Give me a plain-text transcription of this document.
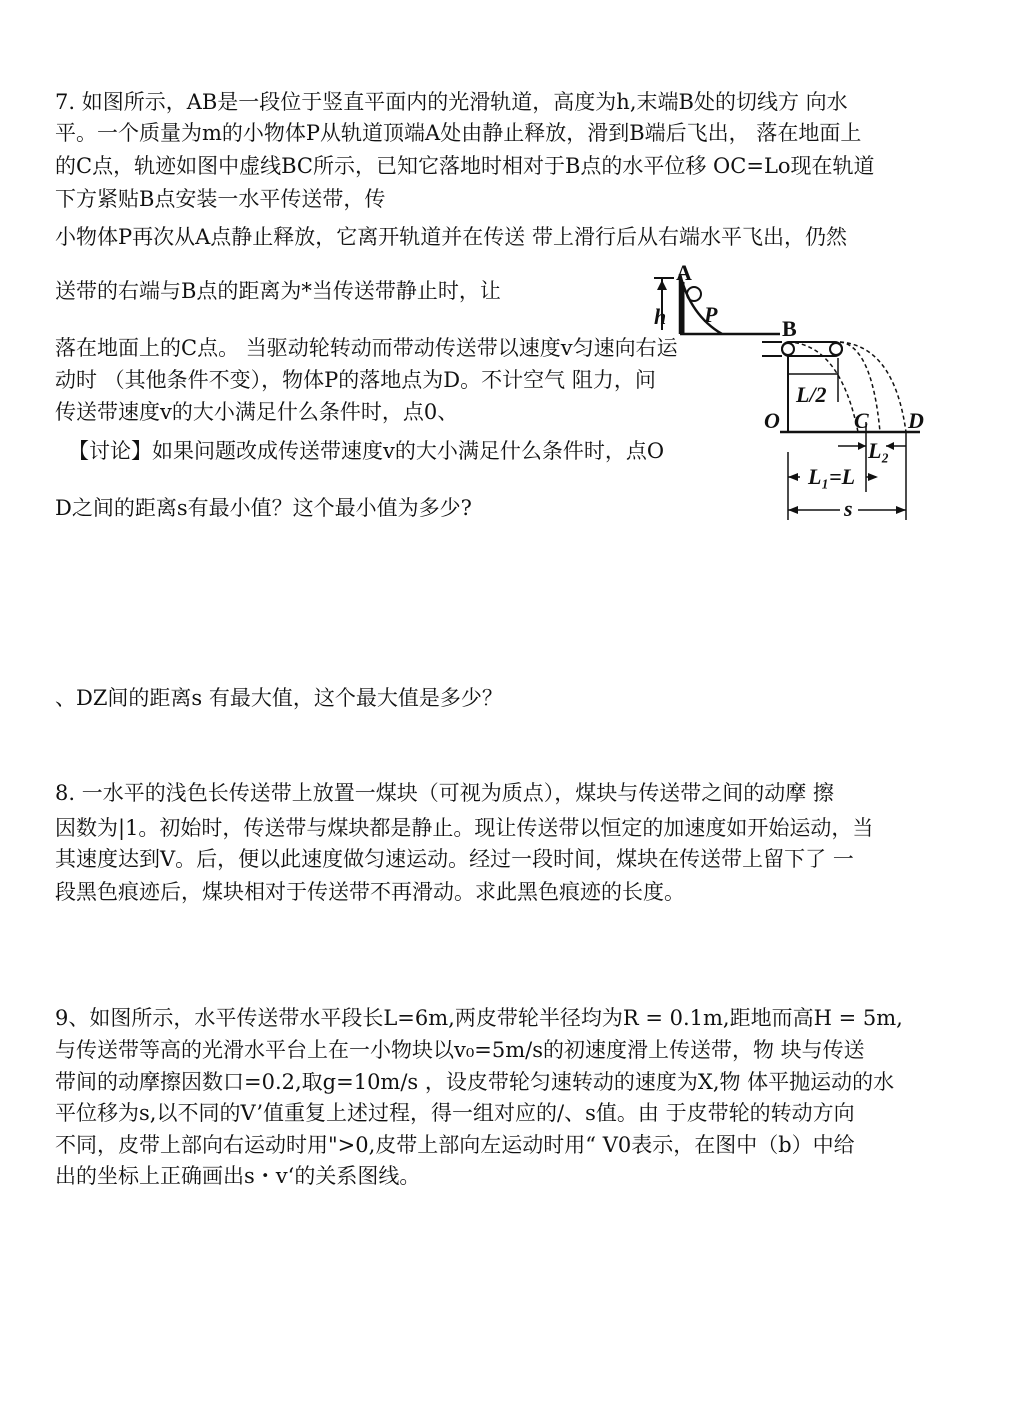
7. 如图所示，AB是一段位于竖直平面内的光滑轨道，高度为h,末端B处的切线方 向水
平。一个质量为m的小物体P从轨道顶端A处由静止释放，滑到B端后飞出， 落在地面上
的C点，轨迹如图中虚线BC所示，已知它落地时相对于B点的水平位移 OC=Lo现在轨道
下方紧贴B点安装一水平传送带，传
小物体P再次从A点静止释放，它离开轨道并在传送 带上滑行后从右端水平飞出，仍然
送带的右端与B点的距离为*当传送带静止时，让
落在地面上的C点。 当驱动轮转动而带动传送带以速度v匀速向右运
动时 （其他条件不变），物体P的落地点为D。不计空气 阻力，问
传送带速度v的大小满足什么条件时，点0、
【讨论】如果问题改成传送带速度v的大小满足什么条件时，点O
D之间的距离s有最小值？这个最小值为多少?
、DZ间的距离s 有最大值，这个最大值是多少？
A
h P
B
L/2
O	C D
L₂
L₁=L
s
8. 一水平的浅色长传送带上放置一煤块（可视为质点），煤块与传送带之间的动摩 擦
因数为|1。初始时，传送带与煤块都是静止。现让传送带以恒定的加速度如开始运动，当
其速度达到V。后，便以此速度做匀速运动。经过一段时间，煤块在传送带上留下了 一
段黑色痕迹后，煤块相对于传送带不再滑动。求此黑色痕迹的长度。
9、如图所示，水平传送带水平段长L=6m,两皮带轮半径均为R = 0.1m,距地而高H = 5m,
与传送带等高的光滑水平台上在一小物块以v₀=5m/s的初速度滑上传送带，物 块与传送
带间的动摩擦因数口=0.2,取g=10m/s ，设皮带轮匀速转动的速度为X,物 体平抛运动的水
平位移为s,以不同的V’值重复上述过程，得一组对应的/、s值。由 于皮带轮的转动方向
不同，皮带上部向右运动时用">0,皮带上部向左运动时用“ V0表示，在图中（b）中给
出的坐标上正确画出s・v‘的关系图线。
